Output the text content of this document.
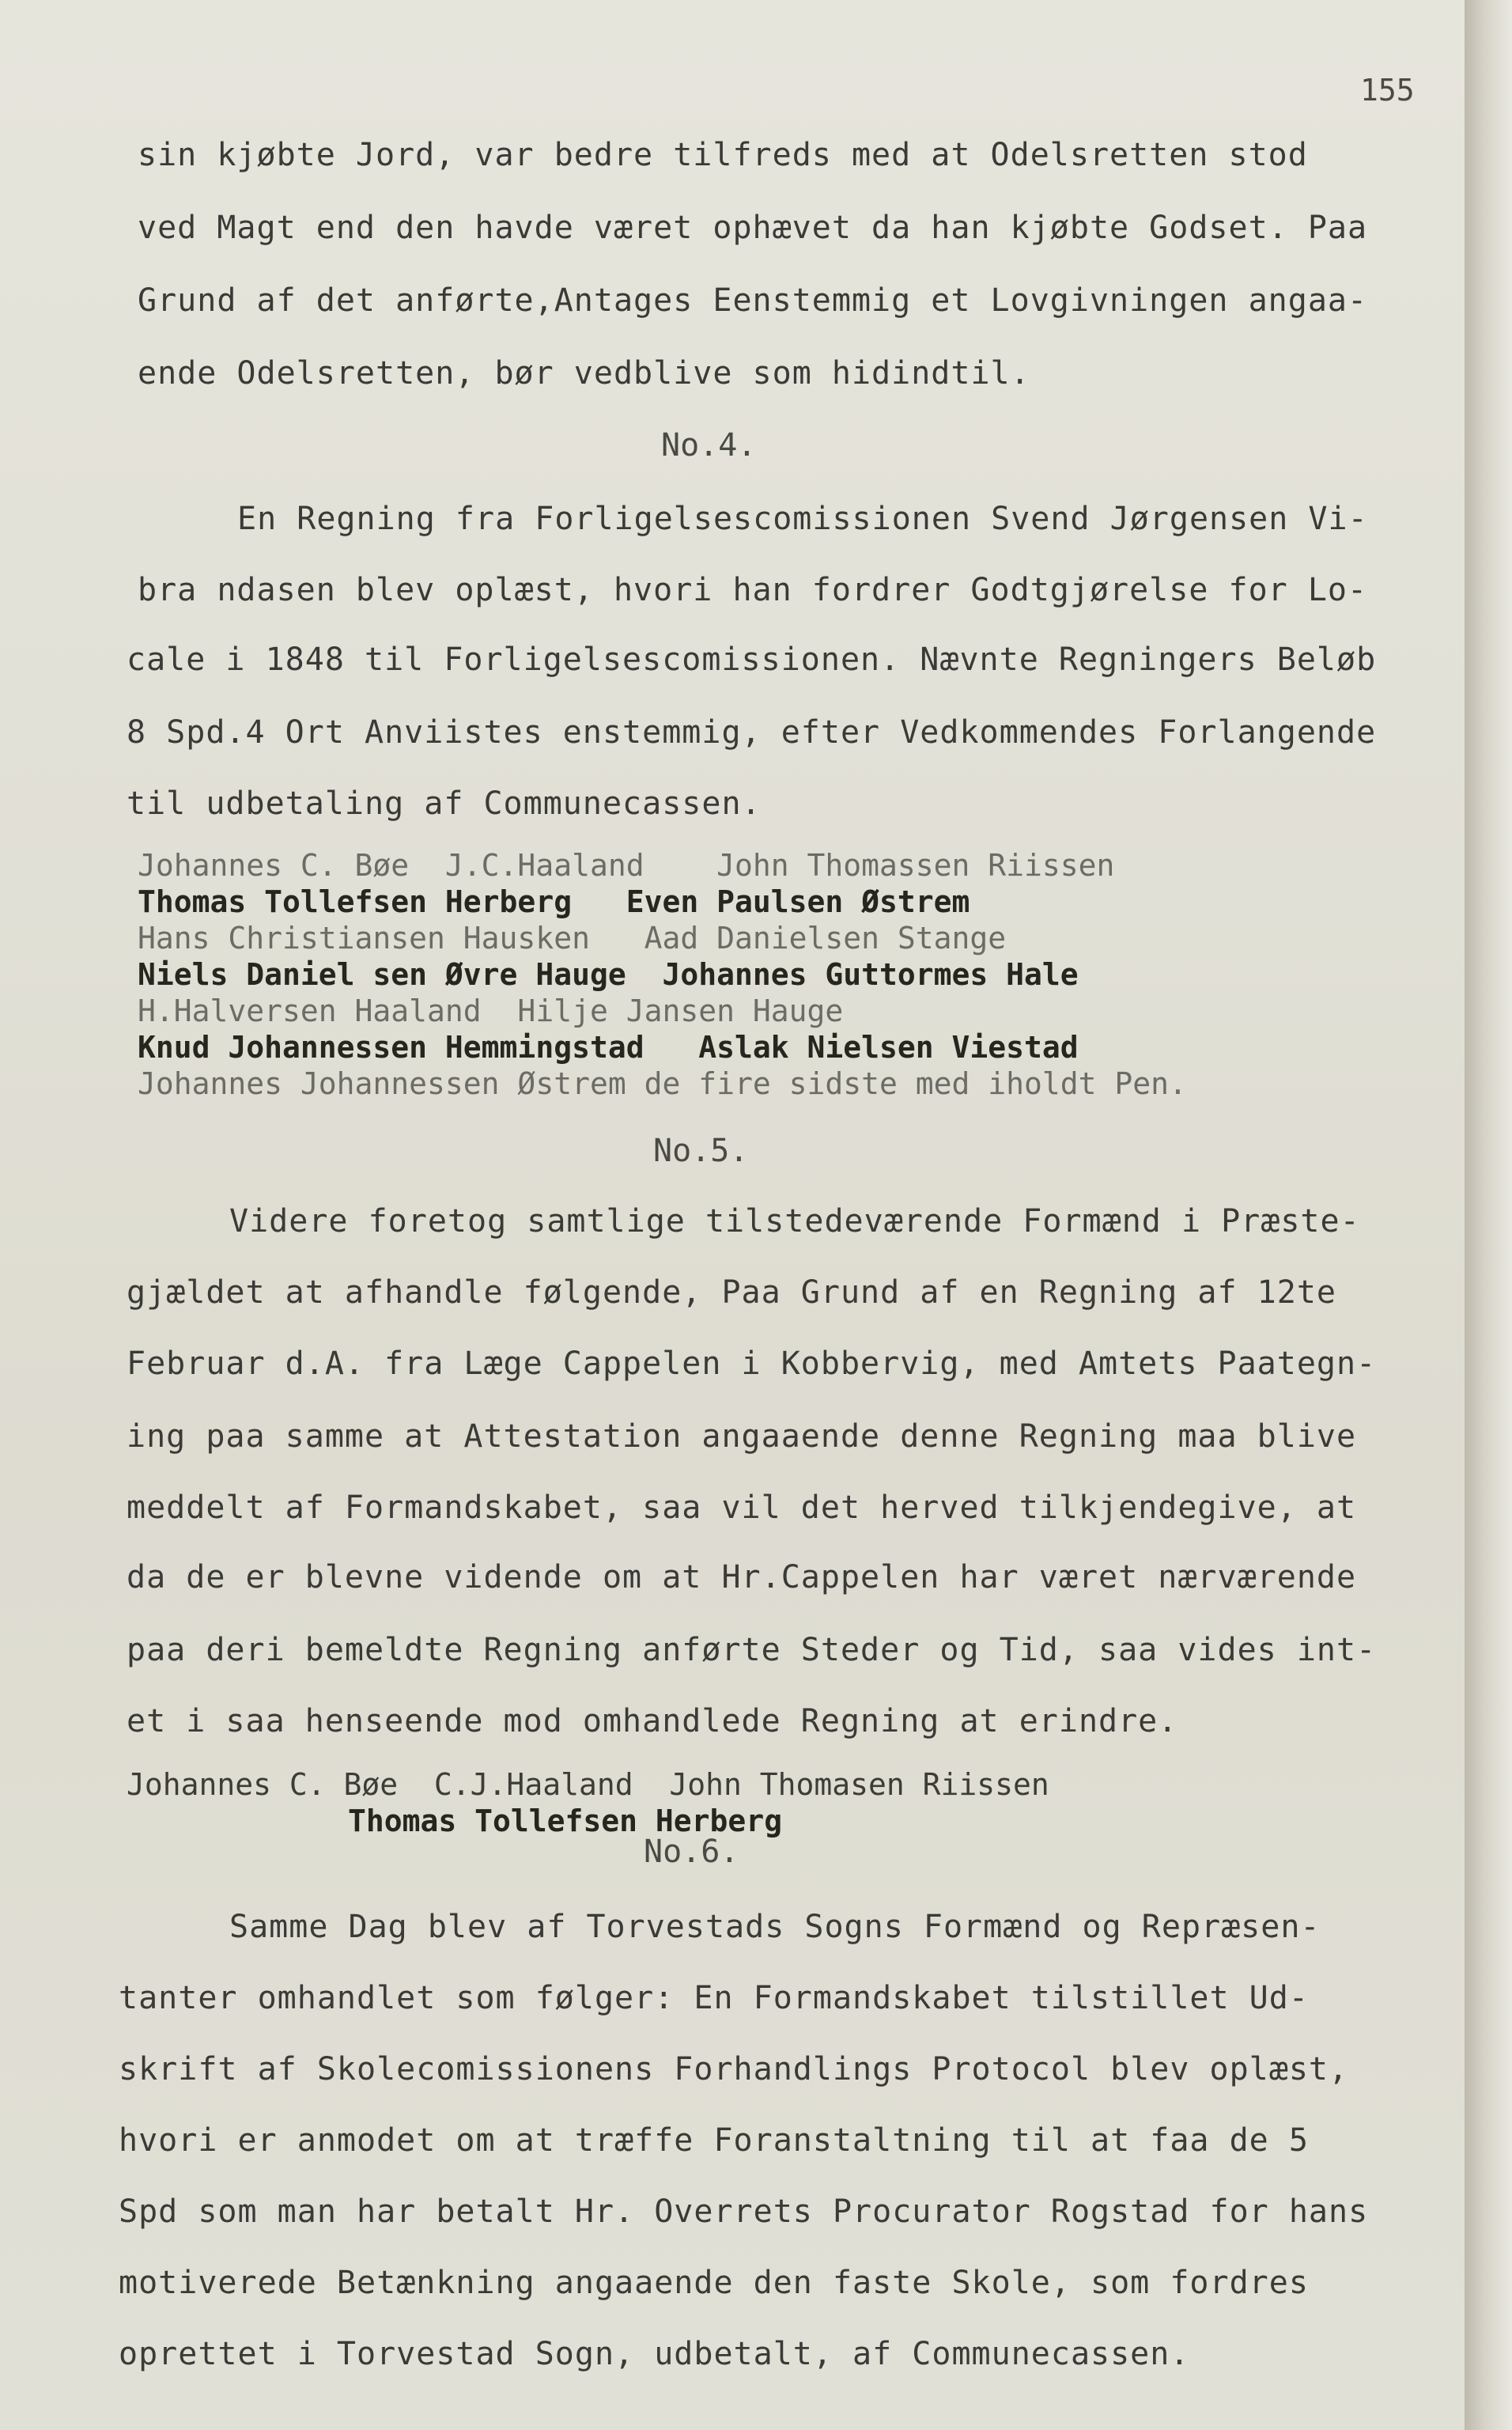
155
sin kjøbte Jord, var bedre tilfreds med at Odelsretten stod
ved Magt end den havde været ophævet da han kjøbte Godset. Paa
Grund af det anførte,Antages Eenstemmig et Lovgivningen angaa-
ende Odelsretten, bør vedblive som hidindtil.
No.4.
En Regning fra Forligelsescomissionen Svend Jørgensen Vi-
bra ndasen blev oplæst, hvori han fordrer Godtgjørelse for Lo-
cale i 1848 til Forligelsescomissionen. Nævnte Regningers Beløb
8 Spd.4 Ort Anviistes enstemmig, efter Vedkommendes Forlangende
til udbetaling af Communecassen.
Johannes C. Bøe  J.C.Haaland    John Thomassen Riissen
Thomas Tollefsen Herberg   Even Paulsen Østrem
Hans Christiansen Hausken   Aad Danielsen Stange
Niels Daniel sen Øvre Hauge  Johannes Guttormes Hale
H.Halversen Haaland  Hilje Jansen Hauge
Knud Johannessen Hemmingstad   Aslak Nielsen Viestad
Johannes Johannessen Østrem de fire sidste med iholdt Pen.
No.5.
Videre foretog samtlige tilstedeværende Formænd i Præste-
gjældet at afhandle følgende, Paa Grund af en Regning af 12te
Februar d.A. fra Læge Cappelen i Kobbervig, med Amtets Paategn-
ing paa samme at Attestation angaaende denne Regning maa blive
meddelt af Formandskabet, saa vil det herved tilkjendegive, at
da de er blevne vidende om at Hr.Cappelen har været nærværende
paa deri bemeldte Regning anførte Steder og Tid, saa vides int-
et i saa henseende mod omhandlede Regning at erindre.
Johannes C. Bøe  C.J.Haaland  John Thomasen Riissen
Thomas Tollefsen Herberg
No.6.
Samme Dag blev af Torvestads Sogns Formænd og Repræsen-
tanter omhandlet som følger: En Formandskabet tilstillet Ud-
skrift af Skolecomissionens Forhandlings Protocol blev oplæst,
hvori er anmodet om at træffe Foranstaltning til at faa de 5
Spd som man har betalt Hr. Overrets Procurator Rogstad for hans
motiverede Betænkning angaaende den faste Skole, som fordres
oprettet i Torvestad Sogn, udbetalt, af Communecassen.
